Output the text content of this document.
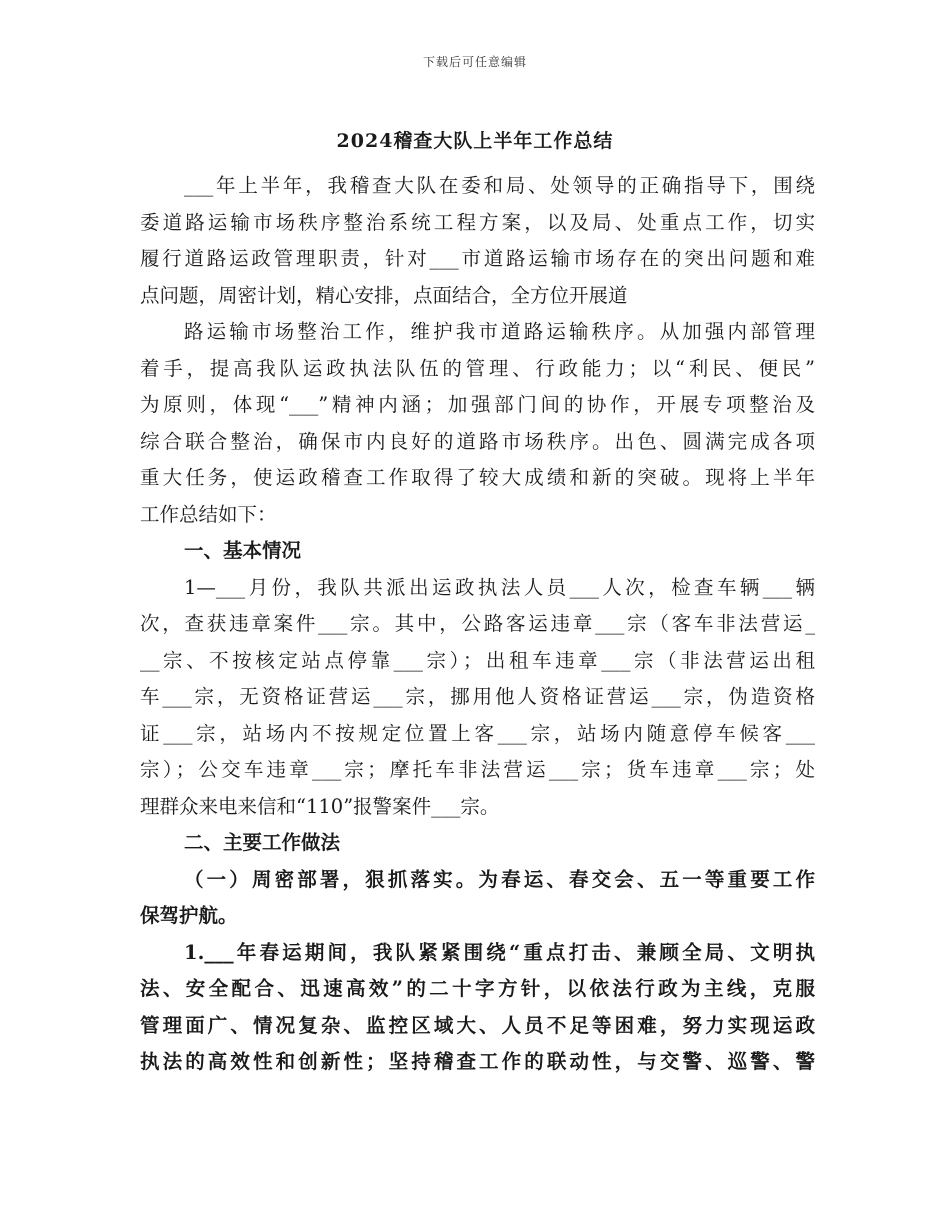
下载后可任意编辑
2024稽查大队上半年工作总结
___年上半年，我稽查大队在委和局、处领导的正确指导下，围绕
委道路运输市场秩序整治系统工程方案，以及局、处重点工作，切实
履行道路运政管理职责，针对___市道路运输市场存在的突出问题和难
点问题，周密计划，精心安排，点面结合，全方位开展道
路运输市场整治工作，维护我市道路运输秩序。从加强内部管理
着手，提高我队运政执法队伍的管理、行政能力；以“利民、便民”
为原则，体现“___”精神内涵；加强部门间的协作，开展专项整治及
综合联合整治，确保市内良好的道路市场秩序。出色、圆满完成各项
重大任务，使运政稽查工作取得了较大成绩和新的突破。现将上半年
工作总结如下：
一、基本情况
1—___月份，我队共派出运政执法人员___人次，检查车辆___辆
次，查获违章案件___宗。其中，公路客运违章___宗（客车非法营运_
__宗、不按核定站点停靠___宗）；出租车违章___宗（非法营运出租
车___宗，无资格证营运___宗，挪用他人资格证营运___宗，伪造资格
证___宗，站场内不按规定位置上客___宗，站场内随意停车候客___
宗）；公交车违章___宗；摩托车非法营运___宗；货车违章___宗；处
理群众来电来信和“110”报警案件___宗。
二、主要工作做法
（一）周密部署，狠抓落实。为春运、春交会、五一等重要工作
保驾护航。
1.___年春运期间，我队紧紧围绕“重点打击、兼顾全局、文明执
法、安全配合、迅速高效”的二十字方针，以依法行政为主线，克服
管理面广、情况复杂、监控区域大、人员不足等困难，努力实现运政
执法的高效性和创新性；坚持稽查工作的联动性，与交警、巡警、警
